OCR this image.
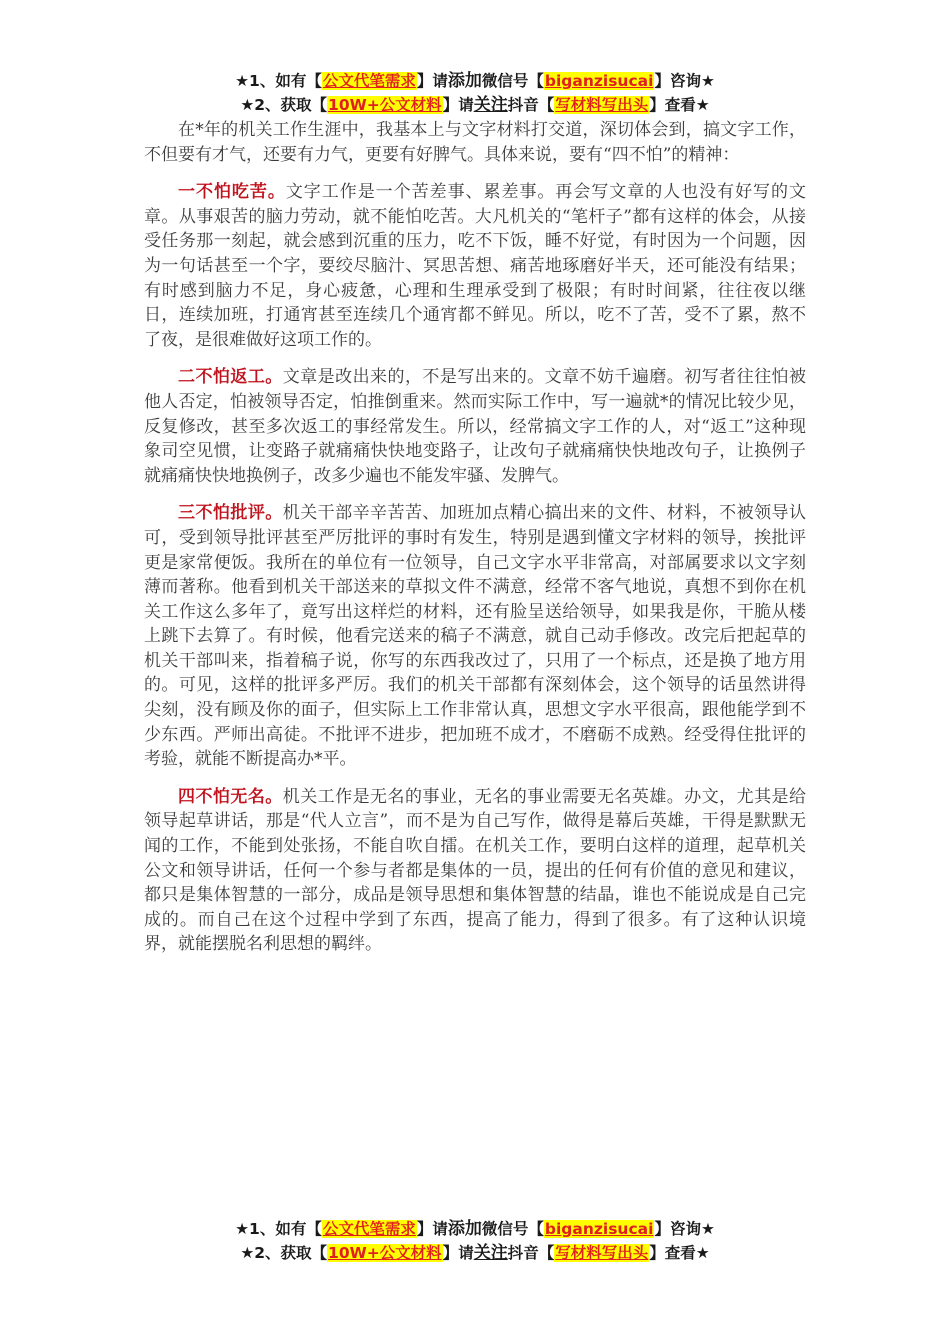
★1、如有【公文代笔需求】请添加微信号【biganzisucai】咨询★
★2、获取【10W+公文材料】请关注抖音【写材料写出头】查看★

在*年的机关工作生涯中，我基本上与文字材料打交道，深切体会到，搞文字工作，不但要有才气，还要有力气，更要有好脾气。具体来说，要有“四不怕”的精神：

一不怕吃苦。文字工作是一个苦差事、累差事。再会写文章的人也没有好写的文章。从事艰苦的脑力劳动，就不能怕吃苦。大凡机关的“笔杆子”都有这样的体会，从接受任务那一刻起，就会感到沉重的压力，吃不下饭，睡不好觉，有时因为一个问题，因为一句话甚至一个字，要绞尽脑汁、冥思苦想、痛苦地琢磨好半天，还可能没有结果；有时感到脑力不足，身心疲惫，心理和生理承受到了极限；有时时间紧，往往夜以继日，连续加班，打通宵甚至连续几个通宵都不鲜见。所以，吃不了苦，受不了累，熬不了夜，是很难做好这项工作的。

二不怕返工。文章是改出来的，不是写出来的。文章不妨千遍磨。初写者往往怕被他人否定，怕被领导否定，怕推倒重来。然而实际工作中，写一遍就*的情况比较少见，反复修改，甚至多次返工的事经常发生。所以，经常搞文字工作的人，对“返工”这种现象司空见惯，让变路子就痛痛快快地变路子，让改句子就痛痛快快地改句子，让换例子就痛痛快快地换例子，改多少遍也不能发牢骚、发脾气。

三不怕批评。机关干部辛辛苦苦、加班加点精心搞出来的文件、材料，不被领导认可，受到领导批评甚至严厉批评的事时有发生，特别是遇到懂文字材料的领导，挨批评更是家常便饭。我所在的单位有一位领导，自己文字水平非常高，对部属要求以文字刻薄而著称。他看到机关干部送来的草拟文件不满意，经常不客气地说，真想不到你在机关工作这么多年了，竟写出这样烂的材料，还有脸呈送给领导，如果我是你，干脆从楼上跳下去算了。有时候，他看完送来的稿子不满意，就自己动手修改。改完后把起草的机关干部叫来，指着稿子说，你写的东西我改过了，只用了一个标点，还是换了地方用的。可见，这样的批评多严厉。我们的机关干部都有深刻体会，这个领导的话虽然讲得尖刻，没有顾及你的面子，但实际上工作非常认真，思想文字水平很高，跟他能学到不少东西。严师出高徒。不批评不进步，把加班不成才，不磨砺不成熟。经受得住批评的考验，就能不断提高办*平。

四不怕无名。机关工作是无名的事业，无名的事业需要无名英雄。办文，尤其是给领导起草讲话，那是“代人立言”，而不是为自己写作，做得是幕后英雄，干得是默默无闻的工作，不能到处张扬，不能自吹自擂。在机关工作，要明白这样的道理，起草机关公文和领导讲话，任何一个参与者都是集体的一员，提出的任何有价值的意见和建议，都只是集体智慧的一部分，成品是领导思想和集体智慧的结晶，谁也不能说成是自己完成的。而自己在这个过程中学到了东西，提高了能力，得到了很多。有了这种认识境界，就能摆脱名利思想的羁绊。

★1、如有【公文代笔需求】请添加微信号【biganzisucai】咨询★
★2、获取【10W+公文材料】请关注抖音【写材料写出头】查看★
